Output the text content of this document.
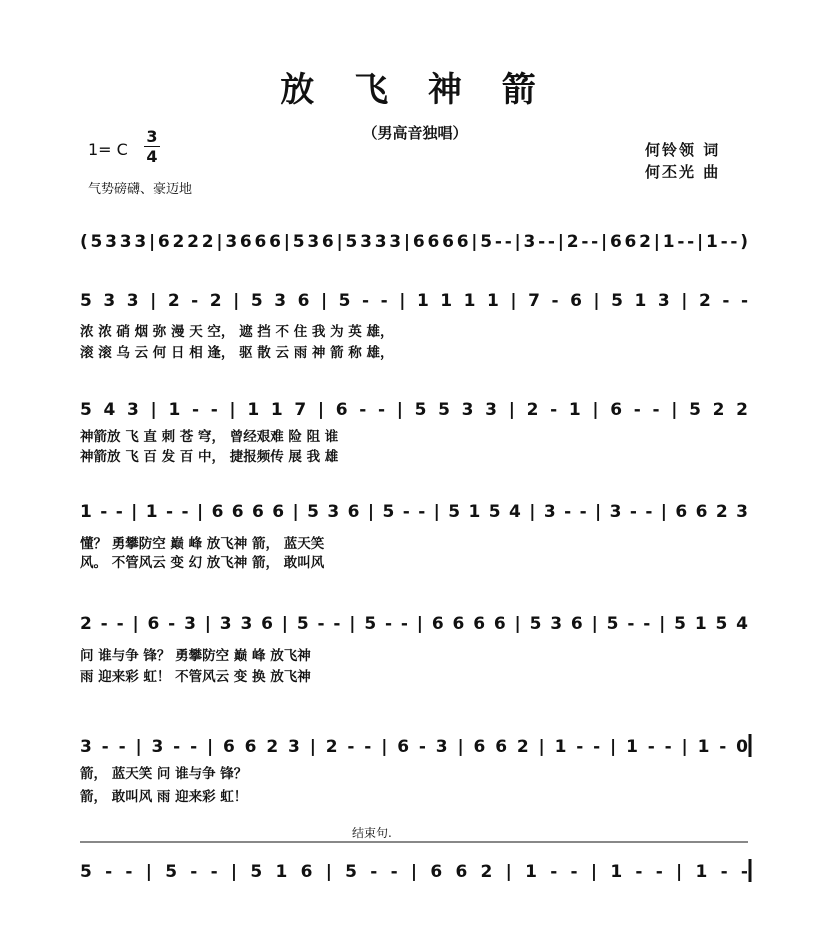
放 飞 神 箭
（男高音独唱）
1= C
3
4
气势磅礴、豪迈地
何铃领 词
何丕光 曲
(5333|6222|3666|536|5333|6666|5--|3--|2--|662|1--|1--)
5 3 3 | 2 - 2 | 5 3 6 | 5 - - | 1 1 1 1 | 7 - 6 | 5 1 3 | 2 - -
浓 浓 硝 烟 弥 漫 天 空， 遮 挡 不 住 我 为 英 雄，
滚 滚 乌 云 何 日 相 逢， 驱 散 云 雨 神 箭 称 雄，
5 4 3 | 1 - - | 1 1 7 | 6 - - | 5 5 3 3 | 2 - 1 | 6 - - | 5 2 2
神箭放 飞 直 刺 苍 穹， 曾经艰难 险 阻 谁
神箭放 飞 百 发 百 中， 捷报频传 展 我 雄
1 - - | 1 - - | 6 6 6 6 | 5 3 6 | 5 - - | 5 1 5 4 | 3 - - | 3 - - | 6 6 2 3
懂？ 勇攀防空 巅 峰 放飞神 箭， 蓝天笑
风。 不管风云 变 幻 放飞神 箭， 敢叫风
2 - - | 6 - 3 | 3 3 6 | 5 - - | 5 - - | 6 6 6 6 | 5 3 6 | 5 - - | 5 1 5 4
问 谁与争 锋？ 勇攀防空 巅 峰 放飞神
雨 迎来彩 虹！ 不管风云 变 换 放飞神
3 - - | 3 - - | 6 6 2 3 | 2 - - | 6 - 3 | 6 6 2 | 1 - - | 1 - - | 1 - 0
箭， 蓝天笑 问 谁与争 锋？
箭， 敢叫风 雨 迎来彩 虹！
5 - - | 5 - - | 5 1 6 | 5 - - | 6 6 2 | 1 - - | 1 - - | 1 - -
结束句.
